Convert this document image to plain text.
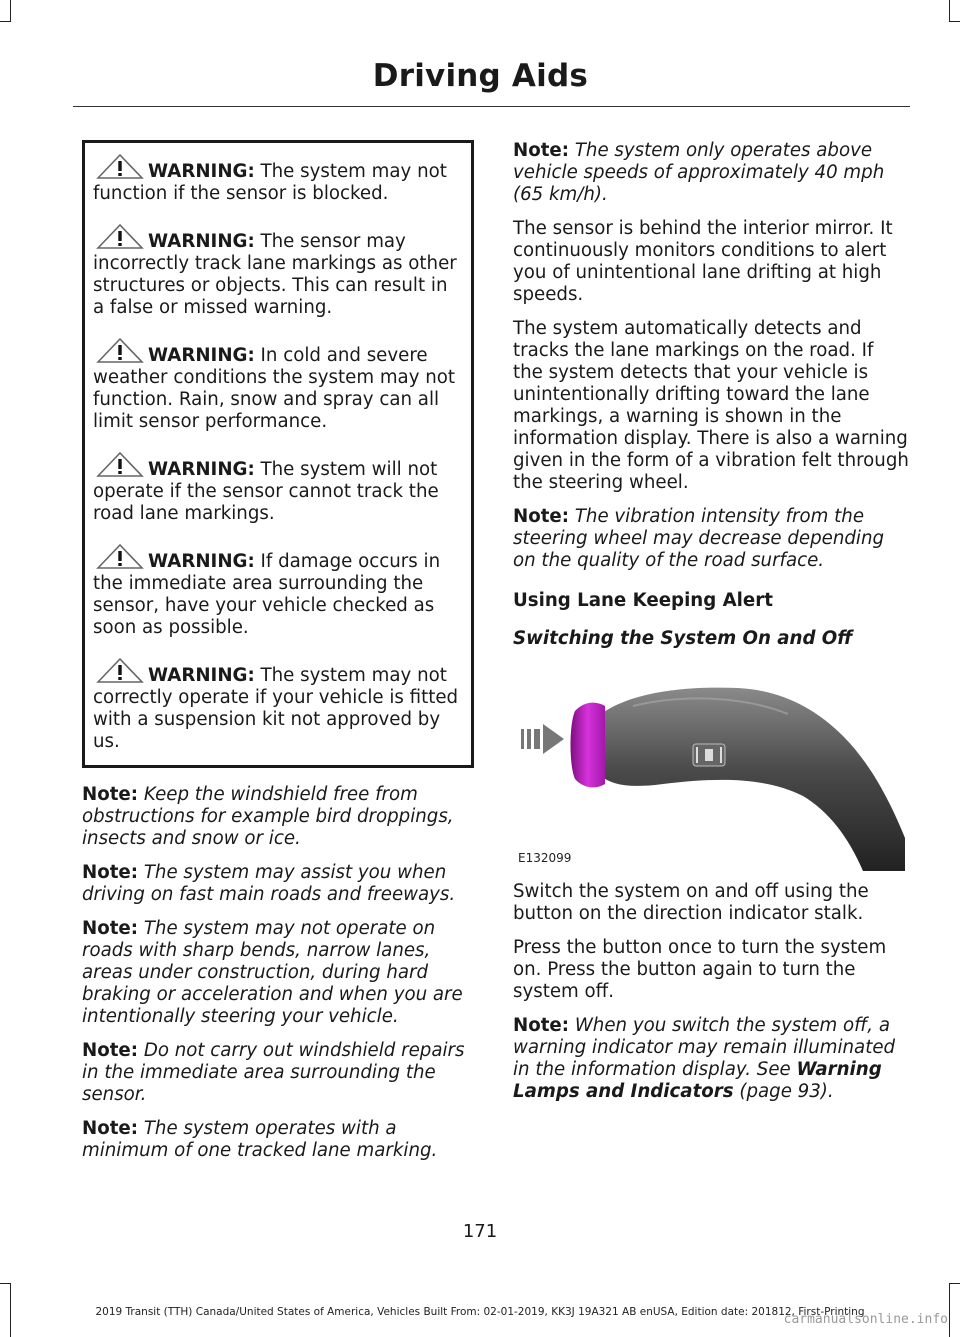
Driving Aids
WARNING: The system may not function if the sensor is blocked.
WARNING: The sensor may incorrectly track lane markings as other structures or objects. This can result in a false or missed warning.
WARNING: In cold and severe weather conditions the system may not function. Rain, snow and spray can all limit sensor performance.
WARNING: The system will not operate if the sensor cannot track the road lane markings.
WARNING: If damage occurs in the immediate area surrounding the sensor, have your vehicle checked as soon as possible.
WARNING: The system may not correctly operate if your vehicle is fitted with a suspension kit not approved by us.

Note: Keep the windshield free from obstructions for example bird droppings, insects and snow or ice.

Note: The system may assist you when driving on fast main roads and freeways.

Note: The system may not operate on roads with sharp bends, narrow lanes, areas under construction, during hard braking or acceleration and when you are intentionally steering your vehicle.

Note: Do not carry out windshield repairs in the immediate area surrounding the sensor.

Note: The system operates with a minimum of one tracked lane marking.

Note: The system only operates above vehicle speeds of approximately 40 mph (65 km/h).

The sensor is behind the interior mirror. It continuously monitors conditions to alert you of unintentional lane drifting at high speeds.

The system automatically detects and tracks the lane markings on the road. If the system detects that your vehicle is unintentionally drifting toward the lane markings, a warning is shown in the information display. There is also a warning given in the form of a vibration felt through the steering wheel.

Note: The vibration intensity from the steering wheel may decrease depending on the quality of the road surface.

Using Lane Keeping Alert
Switching the System On and Off
E132099

Switch the system on and off using the button on the direction indicator stalk.

Press the button once to turn the system on. Press the button again to turn the system off.

Note: When you switch the system off, a warning indicator may remain illuminated in the information display. See Warning Lamps and Indicators (page 93).

171
2019 Transit (TTH) Canada/United States of America, Vehicles Built From: 02-01-2019, KK3J 19A321 AB enUSA, Edition date: 201812, First-Printing
carmanualsonline.info
